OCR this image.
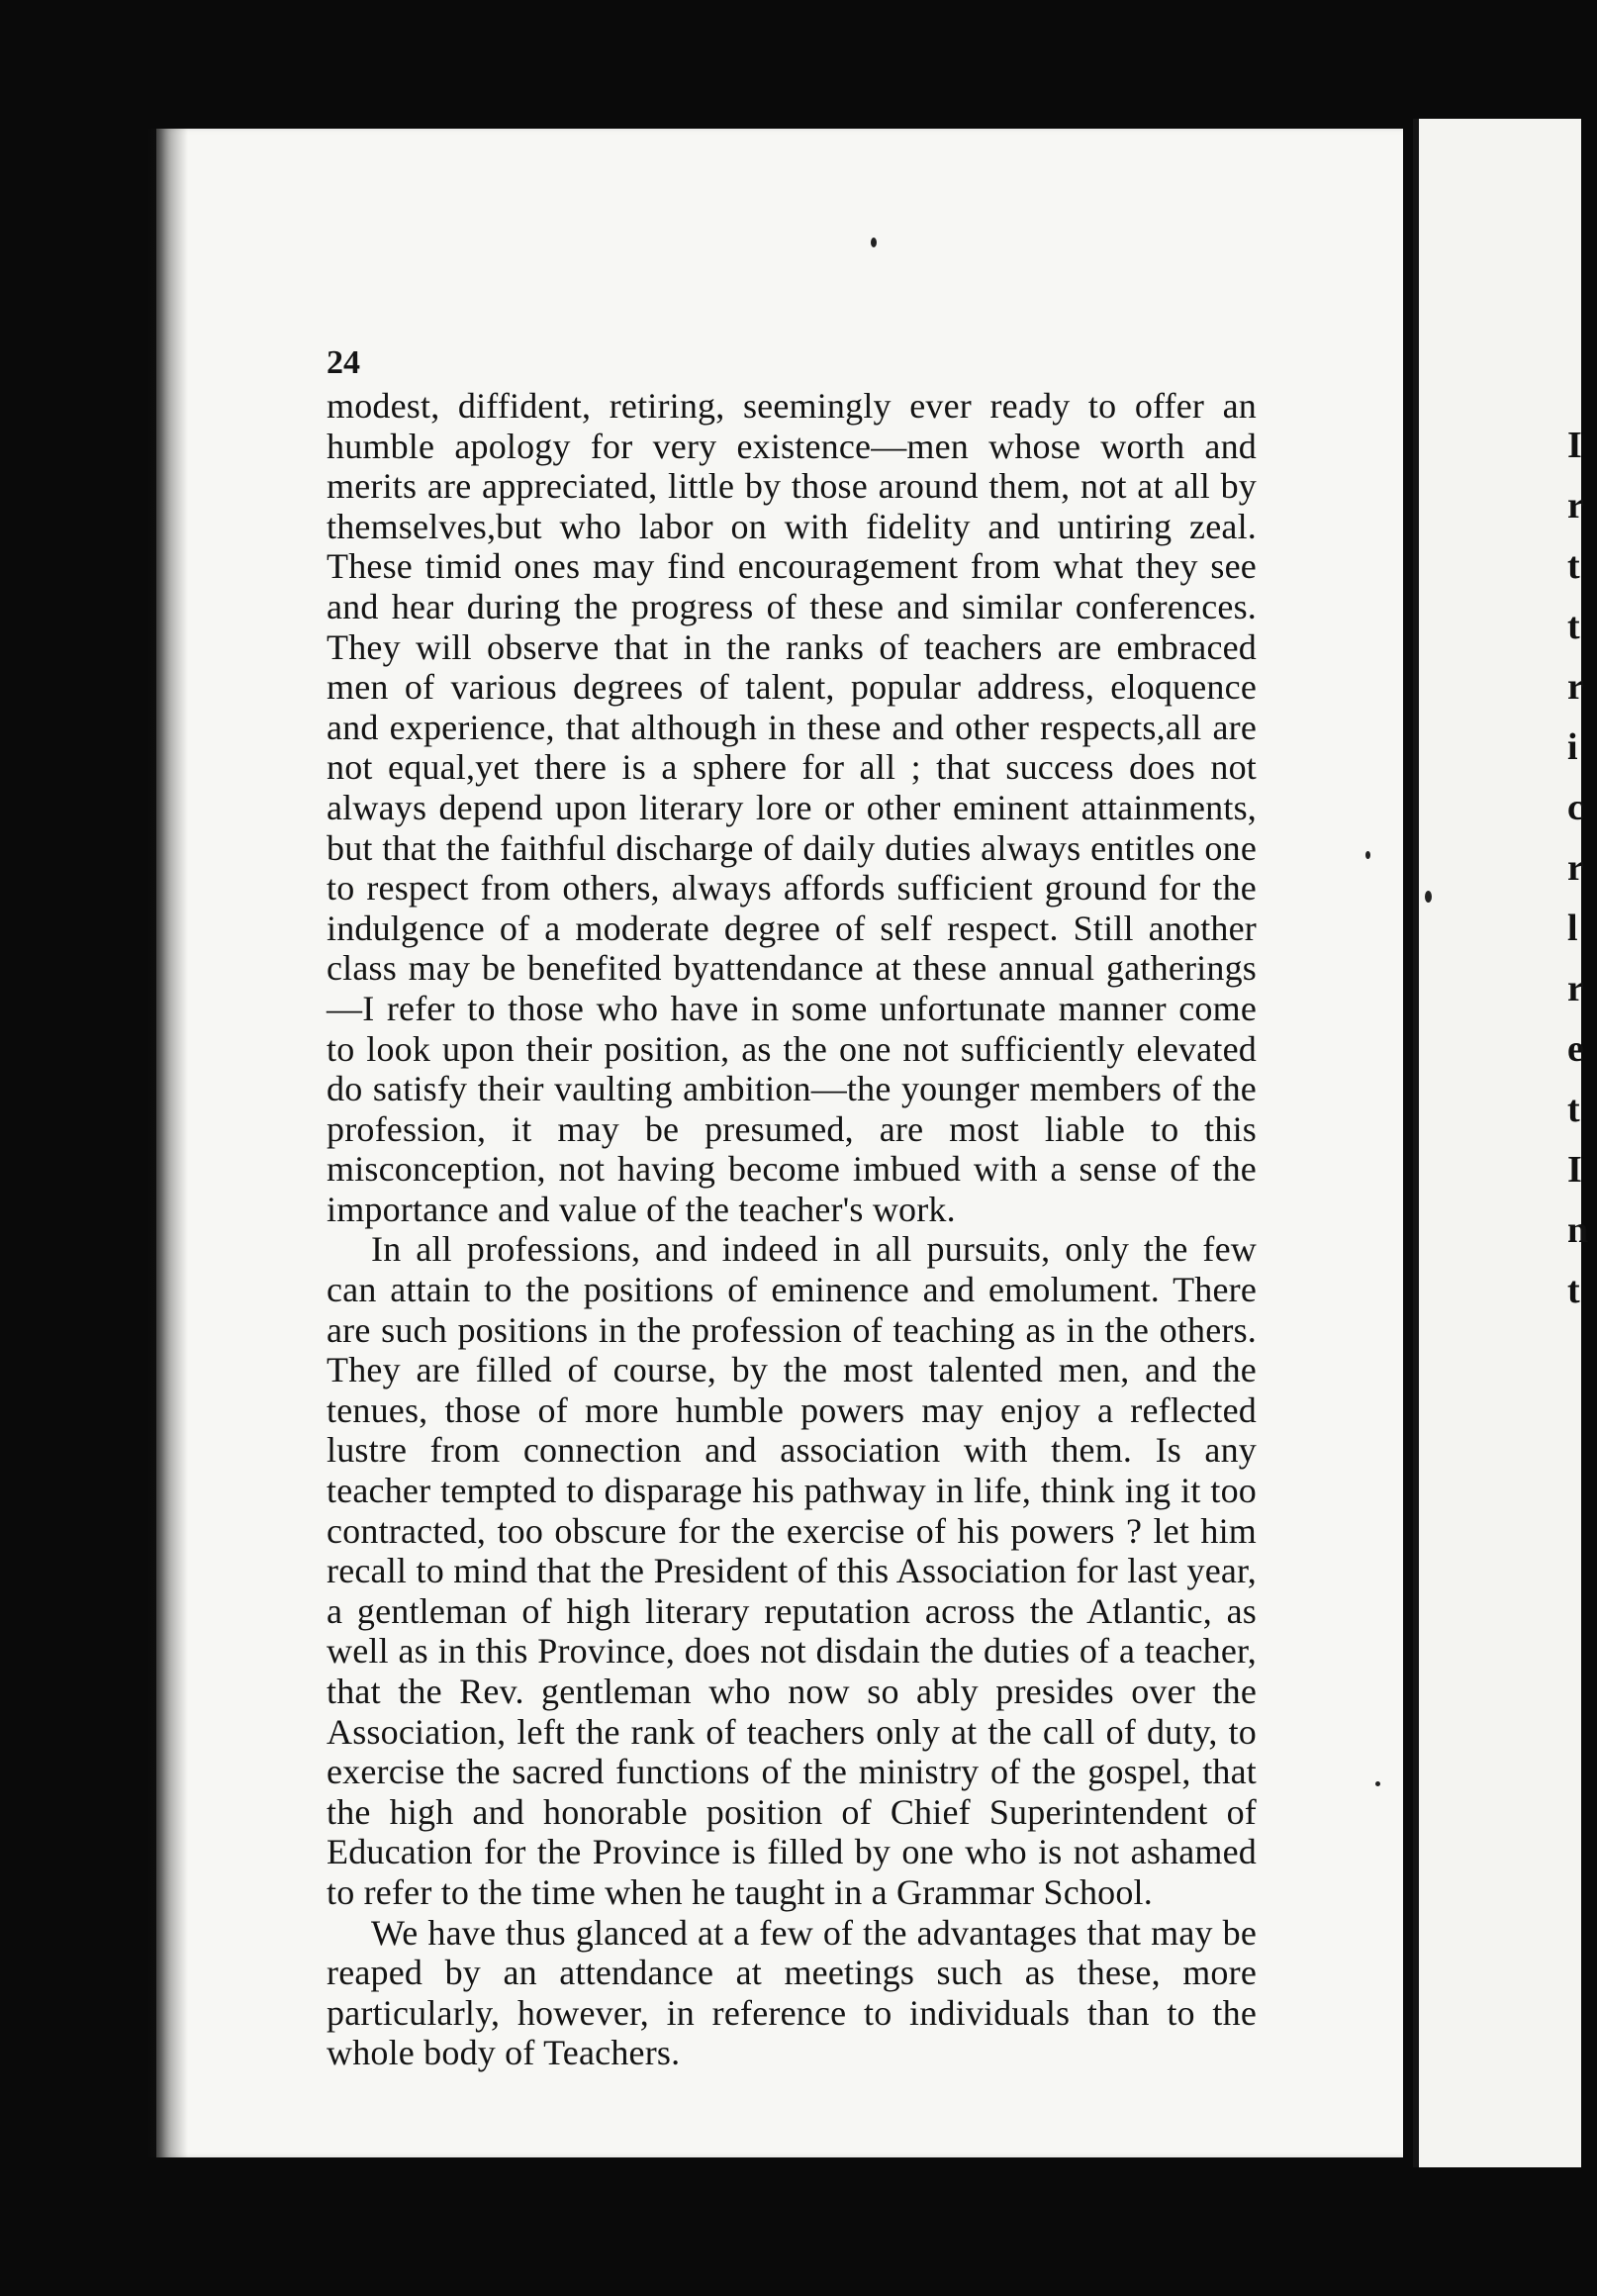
I
r
t
t
r
i
c
r
l
r
e
t
I
n
t
24

modest, diffident, retiring, seemingly ever ready to offer an humble apology for very existence—men whose worth and merits are appreciated, little by those around them, not at all by themselves,but who labor on with fidelity and untiring zeal. These timid ones may find encouragement from what they see and hear during the progress of these and similar conferences. They will observe that in the ranks of teachers are embraced men of various degrees of talent, popular address, eloquence and experience, that although in these and other respects,all are not equal,yet there is a sphere for all ; that success does not always depend upon literary lore or other eminent attainments, but that the faithful discharge of daily duties always entitles one to respect from others, always affords sufficient ground for the indulgence of a moderate degree of self respect. Still another class may be benefited byattendance at these annual gatherings—I refer to those who have in some unfortunate manner come to look upon their position, as the one not sufficiently elevated do satisfy their vaulting ambition—the younger members of the profession, it may be presumed, are most liable to this misconception, not having become imbued with a sense of the importance and value of the teacher's work.

In all professions, and indeed in all pursuits, only the few can attain to the positions of eminence and emolument. There are such positions in the profession of teaching as in the others. They are filled of course, by the most talented men, and the tenues, those of more humble powers may enjoy a reflected lustre from connection and association with them. Is any teacher tempted to disparage his pathway in life, think ing it too contracted, too obscure for the exercise of his powers ? let him recall to mind that the President of this Association for last year, a gentleman of high literary reputation across the Atlantic, as well as in this Province, does not disdain the duties of a teacher, that the Rev. gentleman who now so ably presides over the Association, left the rank of teachers only at the call of duty, to exercise the sacred functions of the ministry of the gospel, that the high and honorable position of Chief Superintendent of Education for the Province is filled by one who is not ashamed to refer to the time when he taught in a Grammar School.

We have thus glanced at a few of the advantages that may be reaped by an attendance at meetings such as these, more particularly, however, in reference to individuals than to the whole body of Teachers.
